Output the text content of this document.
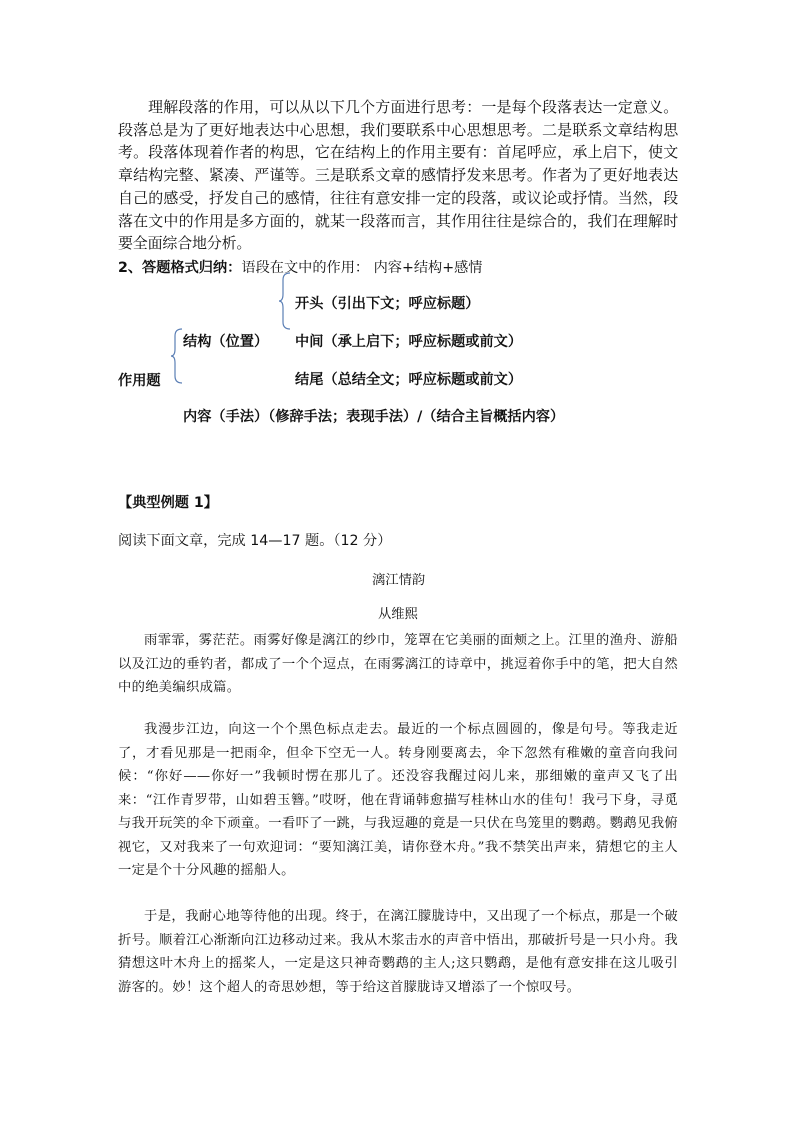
理解段落的作用，可以从以下几个方面进行思考：一是每个段落表达一定意义。段落总是为了更好地表达中心思想，我们要联系中心思想思考。二是联系文章结构思考。段落体现着作者的构思，它在结构上的作用主要有：首尾呼应，承上启下，使文章结构完整、紧凑、严谨等。三是联系文章的感情抒发来思考。作者为了更好地表达自己的感受，抒发自己的感情，往往有意安排一定的段落，或议论或抒情。当然，段落在文中的作用是多方面的，就某一段落而言，其作用往往是综合的，我们在理解时要全面综合地分析。
2、答题格式归纳：语段在文中的作用： 内容+结构+感情
开头（引出下文；呼应标题）
结构（位置） 中间（承上启下；呼应标题或前文）
作用题	结尾（总结全文；呼应标题或前文）
内容（手法）（修辞手法；表现手法）/（结合主旨概括内容）
【典型例题 1】
阅读下面文章，完成 14—17 题。（12 分）
漓江情韵
从维熙
雨霏霏，雾茫茫。雨雾好像是漓江的纱巾，笼罩在它美丽的面颊之上。江里的渔舟、游船以及江边的垂钓者，都成了一个个逗点，在雨雾漓江的诗章中，挑逗着你手中的笔，把大自然中的绝美编织成篇。
我漫步江边，向这一个个黑色标点走去。最近的一个标点圆圆的，像是句号。等我走近了，才看见那是一把雨伞，但伞下空无一人。转身刚要离去，伞下忽然有稚嫩的童音向我问候：“你好——你好一”我顿时愣在那儿了。还没容我醒过闷儿来，那细嫩的童声又飞了出来：“江作青罗带，山如碧玉簪。”哎呀，他在背诵韩愈描写桂林山水的佳句！我弓下身，寻觅与我开玩笑的伞下顽童。一看吓了一跳，与我逗趣的竟是一只伏在鸟笼里的鹦鹉。鹦鹉见我俯视它，又对我来了一句欢迎词：“要知漓江美，请你登木舟。”我不禁笑出声来，猜想它的主人一定是个十分风趣的摇船人。
于是，我耐心地等待他的出现。终于，在漓江朦胧诗中，又出现了一个标点，那是一个破折号。顺着江心渐渐向江边移动过来。我从木浆击水的声音中悟出，那破折号是一只小舟。我猜想这叶木舟上的摇桨人，一定是这只神奇鹦鹉的主人;这只鹦鹉，是他有意安排在这儿吸引游客的。妙！这个超人的奇思妙想，等于给这首朦胧诗又增添了一个惊叹号。
